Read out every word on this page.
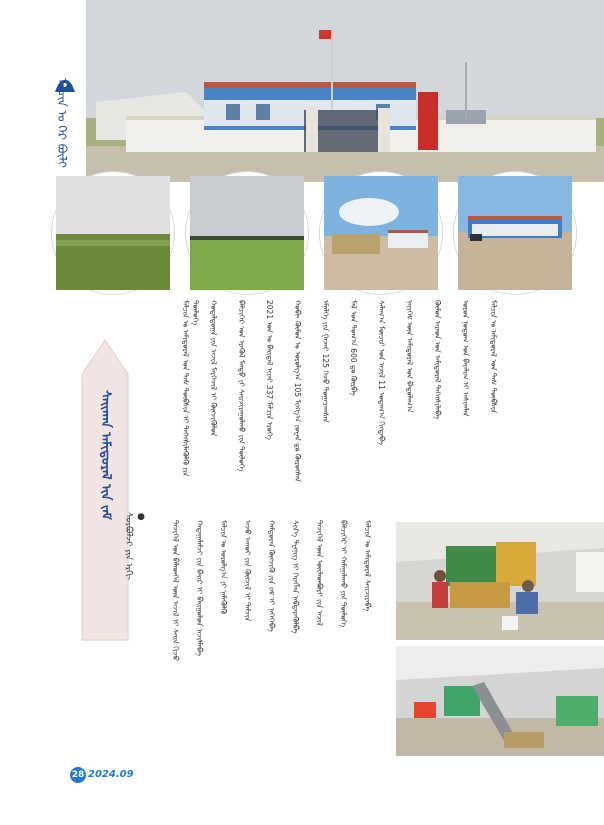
ᠮᠠᠯᠴᠢᠨ ᠤ ᠭᠡᠷ ᠪᠦᠯᠢ
ᠰᠠᠢᠬᠠᠨ ᠠᠮᠢᠳᠤᠷᠠᠯ ᠢᠨ ᠵᠠᠮ
ᠰᠤᠷᠪᠤᠯᠵᠢ ᠶᠢᠨ ᠡᠷᠬᠢ ●
ᠮᠠᠯᠴᠢᠨ ᠤ ᠠᠮᠢᠳᠤᠷᠠᠯ ᠤᠨ ᠳᠡᠰ ᠲᠦᠪᠰᠢᠨ ᠢ ᠳᠡᠭᠡᠭᠰᠢᠯᠡᠭᠦᠯᠬᠦ ᠶᠢᠨ ᠲᠥᠯᠥᠭᠡ ᠬᠤᠳᠠᠯᠳᠤᠭᠠ ᠶᠢᠨ ᠠᠵᠢᠯ ᠮᠡᠷᠭᠡᠵᠢᠯ ᠢ ᠬᠥᠭᠵᠢᠭᠦᠯᠦᠨ	ᠪᠡᠯᠴᠢᠭᠡᠷ ᠤᠨ ᠡᠷᠡᠭᠦᠯ ᠮᠡᠨᠳᠦ ᠶᠢ ᠰᠠᠢᠵᠢᠷᠠᠭᠤᠯᠬᠤ ᠶᠢᠨ ᠲᠥᠯᠥᠭᠡ	2021 ᠣᠨ ᠤ ᠪᠠᠢᠳᠠᠯ ᠢᠶᠠᠷ 337 ᠮᠠᠯᠴᠢᠨ ᠡᠷᠦᠬᠡ	ᠬᠤᠪᠢ ᠬᠦᠮᠦᠨ ᠤ ᠣᠷᠤᠯᠭ᠎ᠠ 105 ᠮᠢᠩᠭ᠎ᠠ ᠶᠤᠸᠠᠨ ᠳᠤ ᠬᠦᠷᠦᠭᠰᠡᠨ	ᠡᠮᠨᠡᠯᠭᠡ ᠶᠢᠨ ᠭᠠᠵᠠᠷ 125 ᠭᠡᠵᠦ ᠲᠤᠭᠠᠴᠠᠭᠰᠠᠨ	ᠮᠠᠯ ᠤᠨ ᠲᠣᠭ᠎ᠠ 600 ᠳᠤ ᠬᠦᠷᠪᠡ	ᠰᠠᠯᠠᠭ᠎ᠠ ᠮᠥᠴᠢᠷ ᠤᠨ ᠠᠵᠢᠯ 11 ᠤᠳᠠᠭ᠎ᠠ ᠬᠢᠭᠳᠡᠪᠡ	ᠨᠡᠶᠢᠭᠡᠮ ᠦᠨ ᠠᠮᠢᠳᠤᠷᠠᠯ ᠤᠨ ᠪᠠᠲᠤᠯᠠᠭ᠎ᠠ	ᠬᠦᠮᠦᠨ ᠠᠷᠠᠳ ᠤᠨ ᠠᠮᠢᠳᠤᠷᠠᠯ ᠳᠡᠭᠡᠭᠰᠢᠯᠡᠪᠡ	ᠣᠷᠣᠨ ᠨᠤᠲᠤᠭ ᠤᠨ ᠪᠠᠶᠠᠯᠢᠭ ᠢ ᠠᠰᠢᠭᠯᠠᠨ	ᠮᠠᠯᠴᠢᠨ ᠤ ᠠᠮᠢᠳᠤᠷᠠᠯ ᠤᠨ ᠳᠡᠰ ᠲᠦᠪᠰᠢᠨ
ᠲᠡᠵᠢᠭᠡᠯ ᠤᠨ ᠪᠡᠯᠡᠳᠬᠡᠯ ᠦᠨ ᠠᠵᠢᠯ ᠢ ᠰᠠᠢᠨ ᠬᠢᠵᠦ ᠬᠠᠳᠠᠭᠠᠯᠠᠮᠵᠢ ᠶᠢᠨ ᠪᠠᠢᠷ ᠢ ᠪᠠᠢᠭᠤᠯᠤᠨ ᠠᠵᠢᠯᠯᠠᠪᠠ ᠮᠠᠯᠴᠢᠨ ᠤ ᠣᠷᠤᠯᠭ᠎ᠠ ᠶᠢ ᠨᠡᠮᠡᠭᠦᠯᠬᠦ ᠠᠵᠤ ᠠᠬᠤᠢ ᠶᠢᠨ ᠬᠥᠭᠵᠢᠯ ᠢ ᠳᠡᠮᠵᠢᠨ ᠬᠠᠮᠲᠤᠷᠠᠨ ᠬᠥᠭᠵᠢᠬᠦ ᠶᠢᠨ ᠵᠠᠮ ᠢ ᠨᠡᠭᠡᠭᠡᠪᠡ ᠰᠢᠨ᠎ᠡ ᠲᠧᠬᠨᠢᠭ ᠢ ᠬᠡᠷᠡᠭᠯᠡᠨ ᠨᠡᠪᠲᠡᠷᠡᠭᠦᠯᠪᠡ ᠲᠡᠵᠢᠭᠡᠯ ᠦᠨ ᠦᠢᠯᠡᠳᠪᠦᠷᠢ ᠶᠢᠨ ᠠᠵᠢᠯ ᠪᠡᠯᠴᠢᠭᠡᠷ ᠢ ᠬᠠᠮᠠᠭᠠᠯᠠᠬᠤ ᠶᠢᠨ ᠲᠥᠯᠥᠭᠡ ᠮᠠᠯᠴᠢᠨ ᠤ ᠠᠮᠢᠳᠤᠷᠠᠯ ᠰᠠᠢᠵᠢᠷᠠᠪᠠ
28 2024.09
